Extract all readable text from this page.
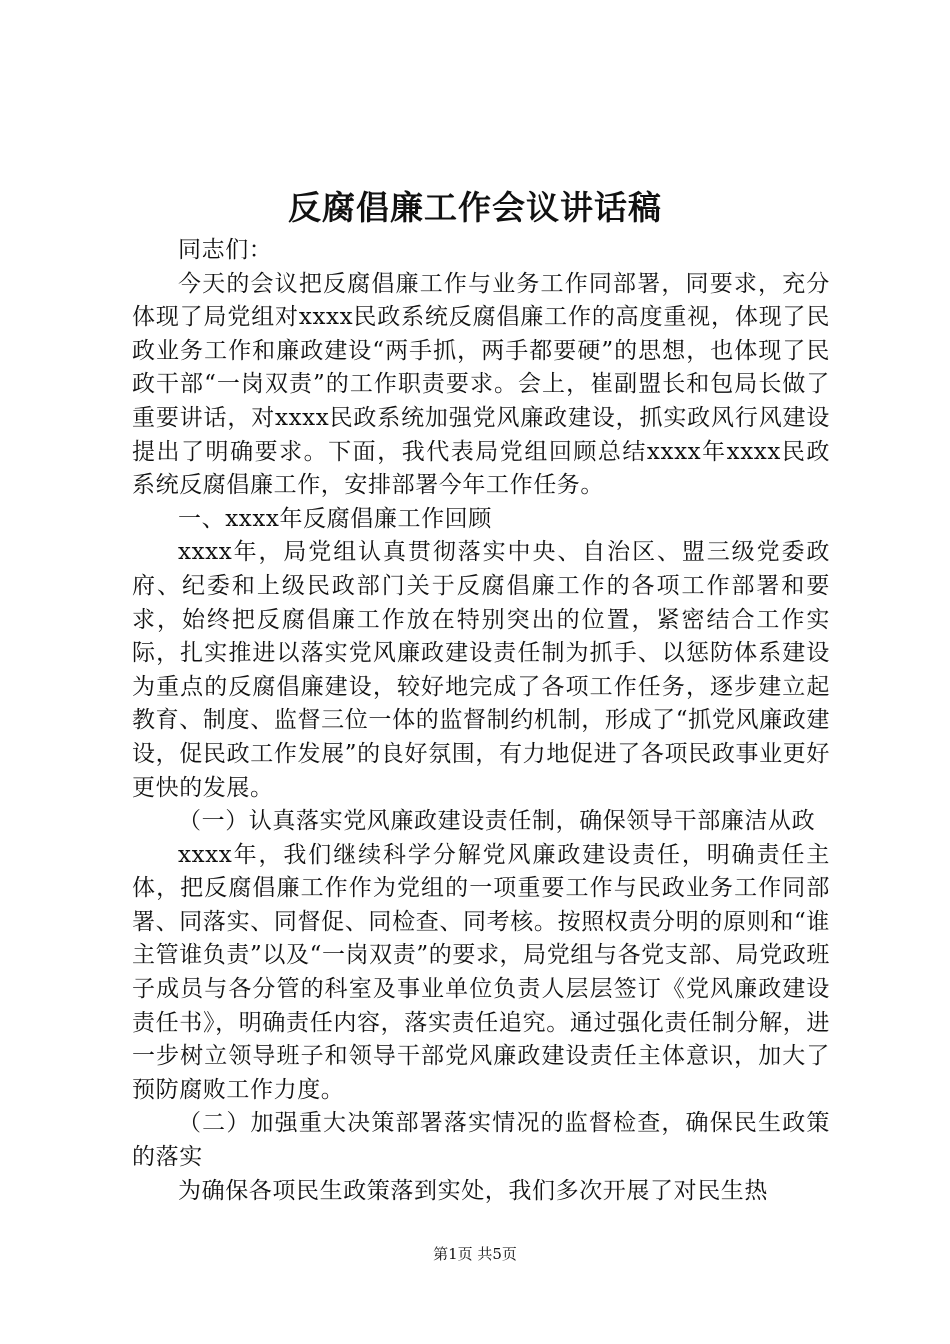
反腐倡廉工作会议讲话稿

同志们：

今天的会议把反腐倡廉工作与业务工作同部署，同要求，充分体现了局党组对xxxx民政系统反腐倡廉工作的高度重视，体现了民政业务工作和廉政建设“两手抓，两手都要硬”的思想，也体现了民政干部“一岗双责”的工作职责要求。会上，崔副盟长和包局长做了重要讲话，对xxxx民政系统加强党风廉政建设，抓实政风行风建设提出了明确要求。下面，我代表局党组回顾总结xxxx年xxxx民政系统反腐倡廉工作，安排部署今年工作任务。

一、xxxx年反腐倡廉工作回顾

xxxx年，局党组认真贯彻落实中央、自治区、盟三级党委政府、纪委和上级民政部门关于反腐倡廉工作的各项工作部署和要求，始终把反腐倡廉工作放在特别突出的位置，紧密结合工作实际，扎实推进以落实党风廉政建设责任制为抓手、以惩防体系建设为重点的反腐倡廉建设，较好地完成了各项工作任务，逐步建立起教育、制度、监督三位一体的监督制约机制，形成了“抓党风廉政建设，促民政工作发展”的良好氛围，有力地促进了各项民政事业更好更快的发展。

（一）认真落实党风廉政建设责任制，确保领导干部廉洁从政

xxxx年，我们继续科学分解党风廉政建设责任，明确责任主体，把反腐倡廉工作作为党组的一项重要工作与民政业务工作同部署、同落实、同督促、同检查、同考核。按照权责分明的原则和“谁主管谁负责”以及“一岗双责”的要求，局党组与各党支部、局党政班子成员与各分管的科室及事业单位负责人层层签订《党风廉政建设责任书》，明确责任内容，落实责任追究。通过强化责任制分解，进一步树立领导班子和领导干部党风廉政建设责任主体意识，加大了预防腐败工作力度。

（二）加强重大决策部署落实情况的监督检查，确保民生政策的落实

为确保各项民生政策落到实处，我们多次开展了对民生热

第1页 共5页
